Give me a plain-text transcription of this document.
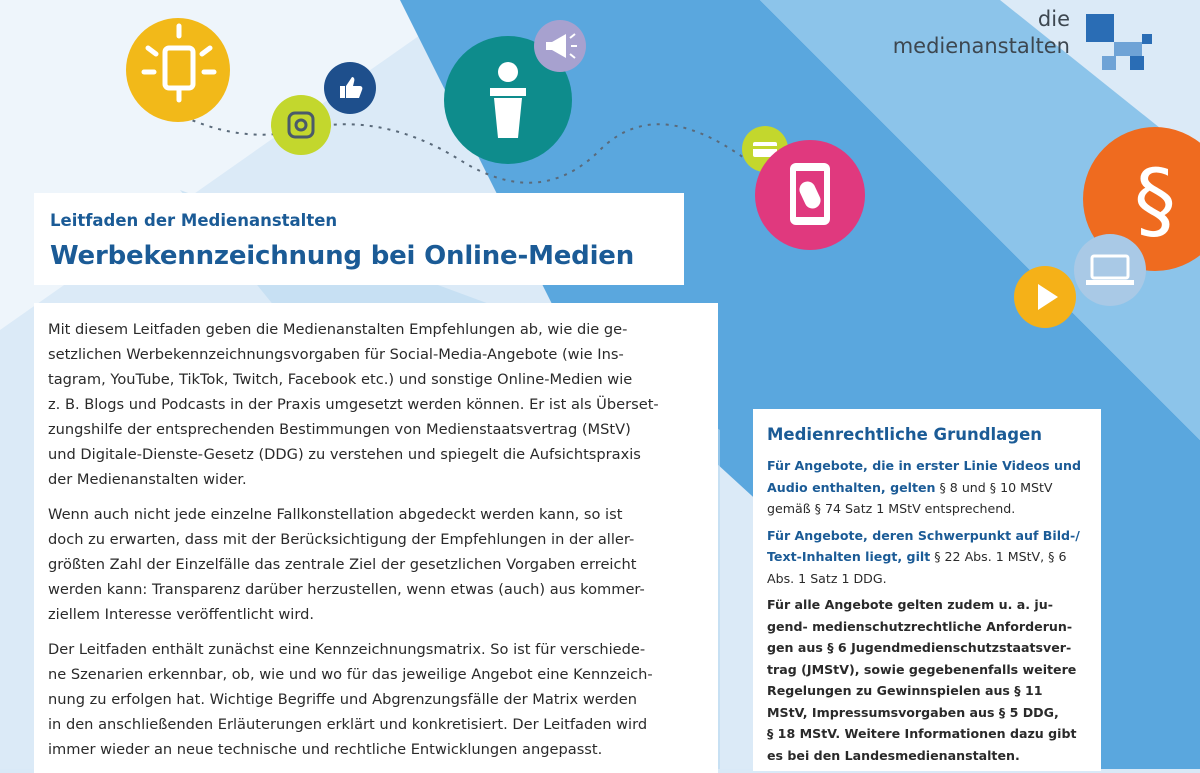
die
medienanstalten
§
Leitfaden der Medienanstalten
Werbekennzeichnung bei Online-Medien

Mit diesem Leitfaden geben die Medienanstalten Empfehlungen ab, wie die ge-
setzlichen Werbekennzeichnungsvorgaben für Social-Media-Angebote (wie Ins-
tagram, YouTube, TikTok, Twitch, Facebook etc.) und sonstige Online-Medien wie
z. B. Blogs und Podcasts in der Praxis umgesetzt werden können. Er ist als Überset-
zungshilfe der entsprechenden Bestimmungen von Medienstaatsvertrag (MStV)
und Digitale-Dienste-Gesetz (DDG) zu verstehen und spiegelt die Aufsichtspraxis
der Medienanstalten wider.

Wenn auch nicht jede einzelne Fallkonstellation abgedeckt werden kann, so ist
doch zu erwarten, dass mit der Berücksichtigung der Empfehlungen in der aller-
größten Zahl der Einzelfälle das zentrale Ziel der gesetzlichen Vorgaben erreicht
werden kann: Transparenz darüber herzustellen, wenn etwas (auch) aus kommer-
ziellem Interesse veröffentlicht wird.

Der Leitfaden enthält zunächst eine Kennzeichnungsmatrix. So ist für verschiede-
ne Szenarien erkennbar, ob, wie und wo für das jeweilige Angebot eine Kennzeich-
nung zu erfolgen hat. Wichtige Begriffe und Abgrenzungsfälle der Matrix werden
in den anschließenden Erläuterungen erklärt und konkretisiert. Der Leitfaden wird
immer wieder an neue technische und rechtliche Entwicklungen angepasst.

Medienrechtliche Grundlagen

Für Angebote, die in erster Linie Videos und
Audio enthalten, gelten § 8 und § 10 MStV
gemäß § 74 Satz 1 MStV entsprechend.

Für Angebote, deren Schwerpunkt auf Bild-/
Text-Inhalten liegt, gilt § 22 Abs. 1 MStV, § 6
Abs. 1 Satz 1 DDG.

Für alle Angebote gelten zudem u. a. ju-
gend- medienschutzrechtliche Anforderun-
gen aus § 6 Jugendmedienschutzstaatsver-
trag (JMStV), sowie gegebenenfalls weitere
Regelungen zu Gewinnspielen aus § 11
MStV, Impressumsvorgaben aus § 5 DDG,
§ 18 MStV. Weitere Informationen dazu gibt
es bei den Landesmedienanstalten.
